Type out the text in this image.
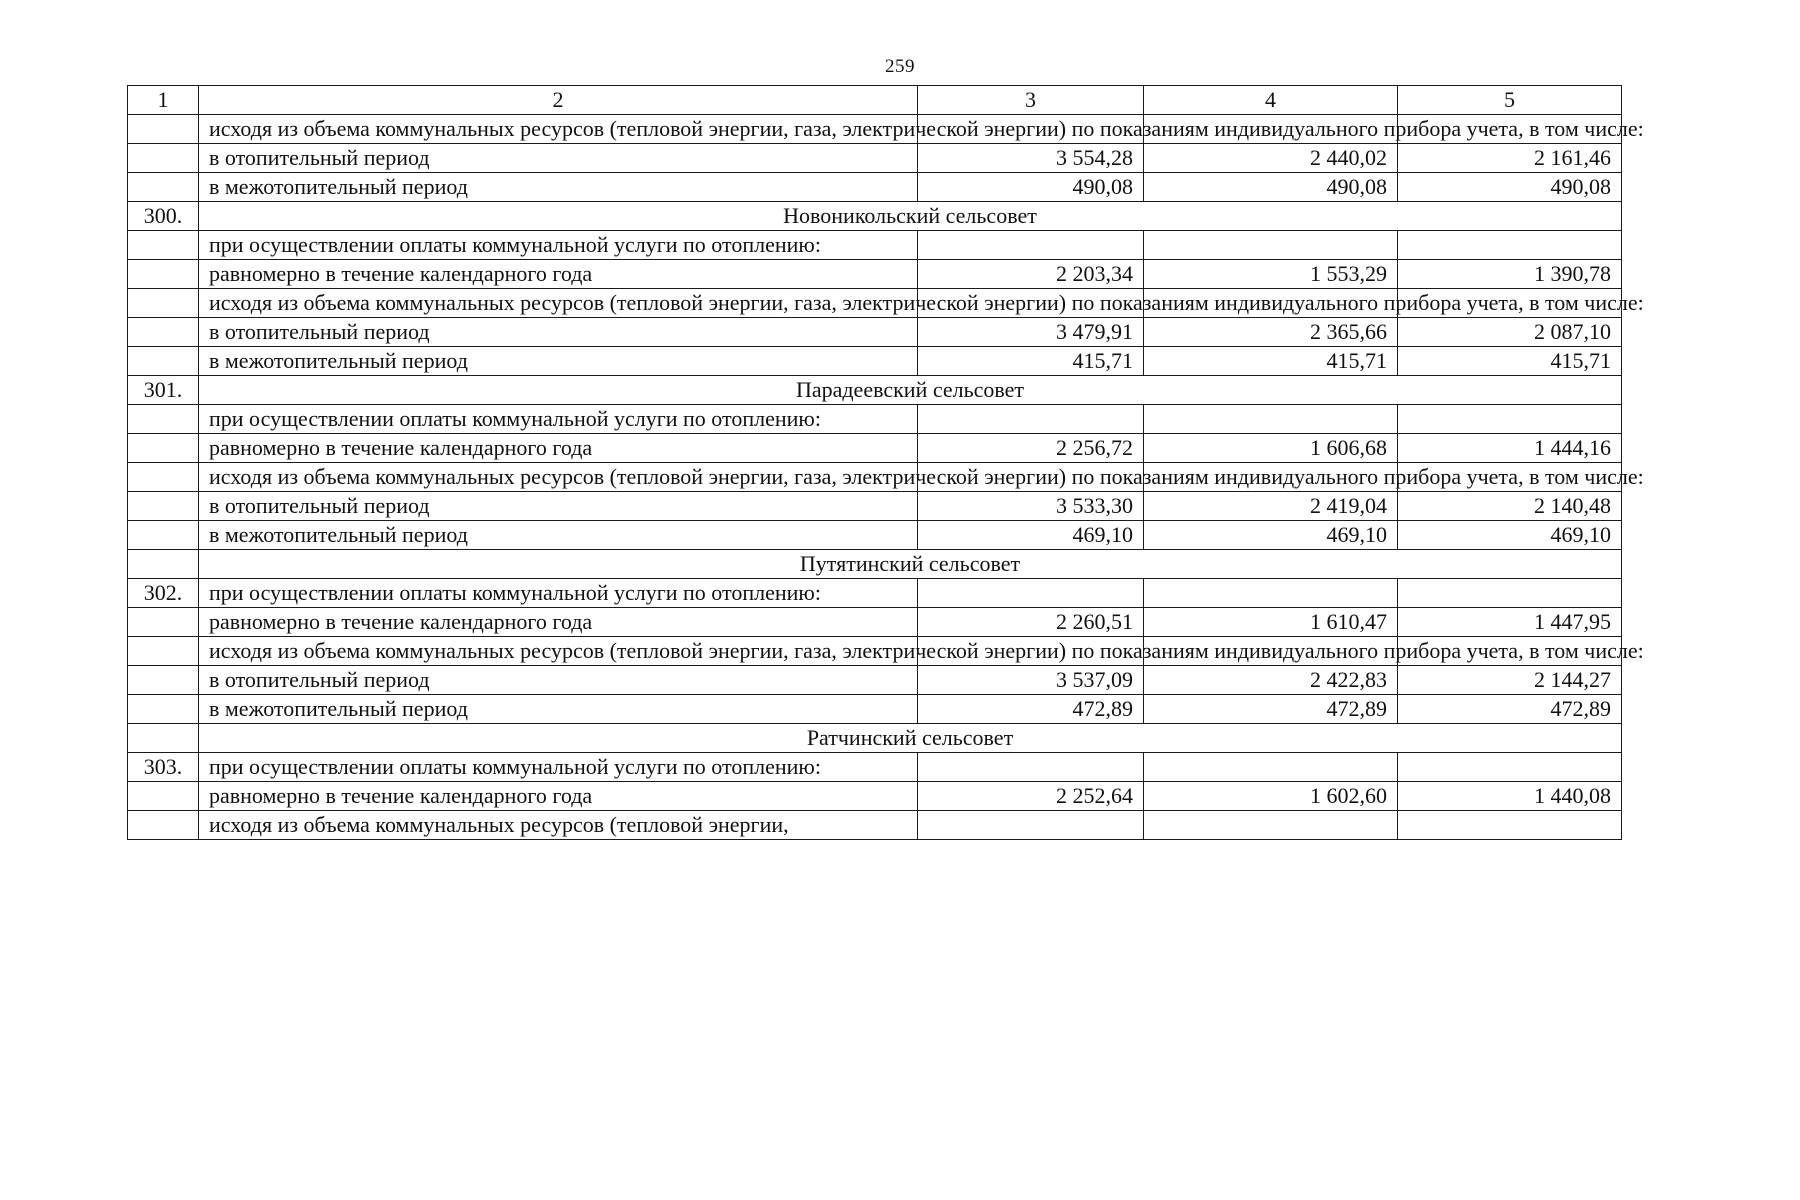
259
1	2	3	4	5
	исходя из объема коммунальных ресурсов (тепловой энергии, газа, электрической энергии) по показаниям индивидуального прибора учета, в том числе:			
	в отопительный период	3 554,28	2 440,02	2 161,46
	в межотопительный период	490,08	490,08	490,08
300.	Новоникольский сельсовет			
	при осуществлении оплаты коммунальной услуги по отоплению:			
	равномерно в течение календарного года	2 203,34	1 553,29	1 390,78
	исходя из объема коммунальных ресурсов (тепловой энергии, газа, электрической энергии) по показаниям индивидуального прибора учета, в том числе:			
	в отопительный период	3 479,91	2 365,66	2 087,10
	в межотопительный период	415,71	415,71	415,71
301.	Парадеевский сельсовет			
	при осуществлении оплаты коммунальной услуги по отоплению:			
	равномерно в течение календарного года	2 256,72	1 606,68	1 444,16
	исходя из объема коммунальных ресурсов (тепловой энергии, газа, электрической энергии) по показаниям индивидуального прибора учета, в том числе:			
	в отопительный период	3 533,30	2 419,04	2 140,48
	в межотопительный период	469,10	469,10	469,10
	Путятинский сельсовет			
302.	при осуществлении оплаты коммунальной услуги по отоплению:			
	равномерно в течение календарного года	2 260,51	1 610,47	1 447,95
	исходя из объема коммунальных ресурсов (тепловой энергии, газа, электрической энергии) по показаниям индивидуального прибора учета, в том числе:			
	в отопительный период	3 537,09	2 422,83	2 144,27
	в межотопительный период	472,89	472,89	472,89
	Ратчинский сельсовет			
303.	при осуществлении оплаты коммунальной услуги по отоплению:			
	равномерно в течение календарного года	2 252,64	1 602,60	1 440,08
	исходя из объема коммунальных ресурсов (тепловой энергии,			
